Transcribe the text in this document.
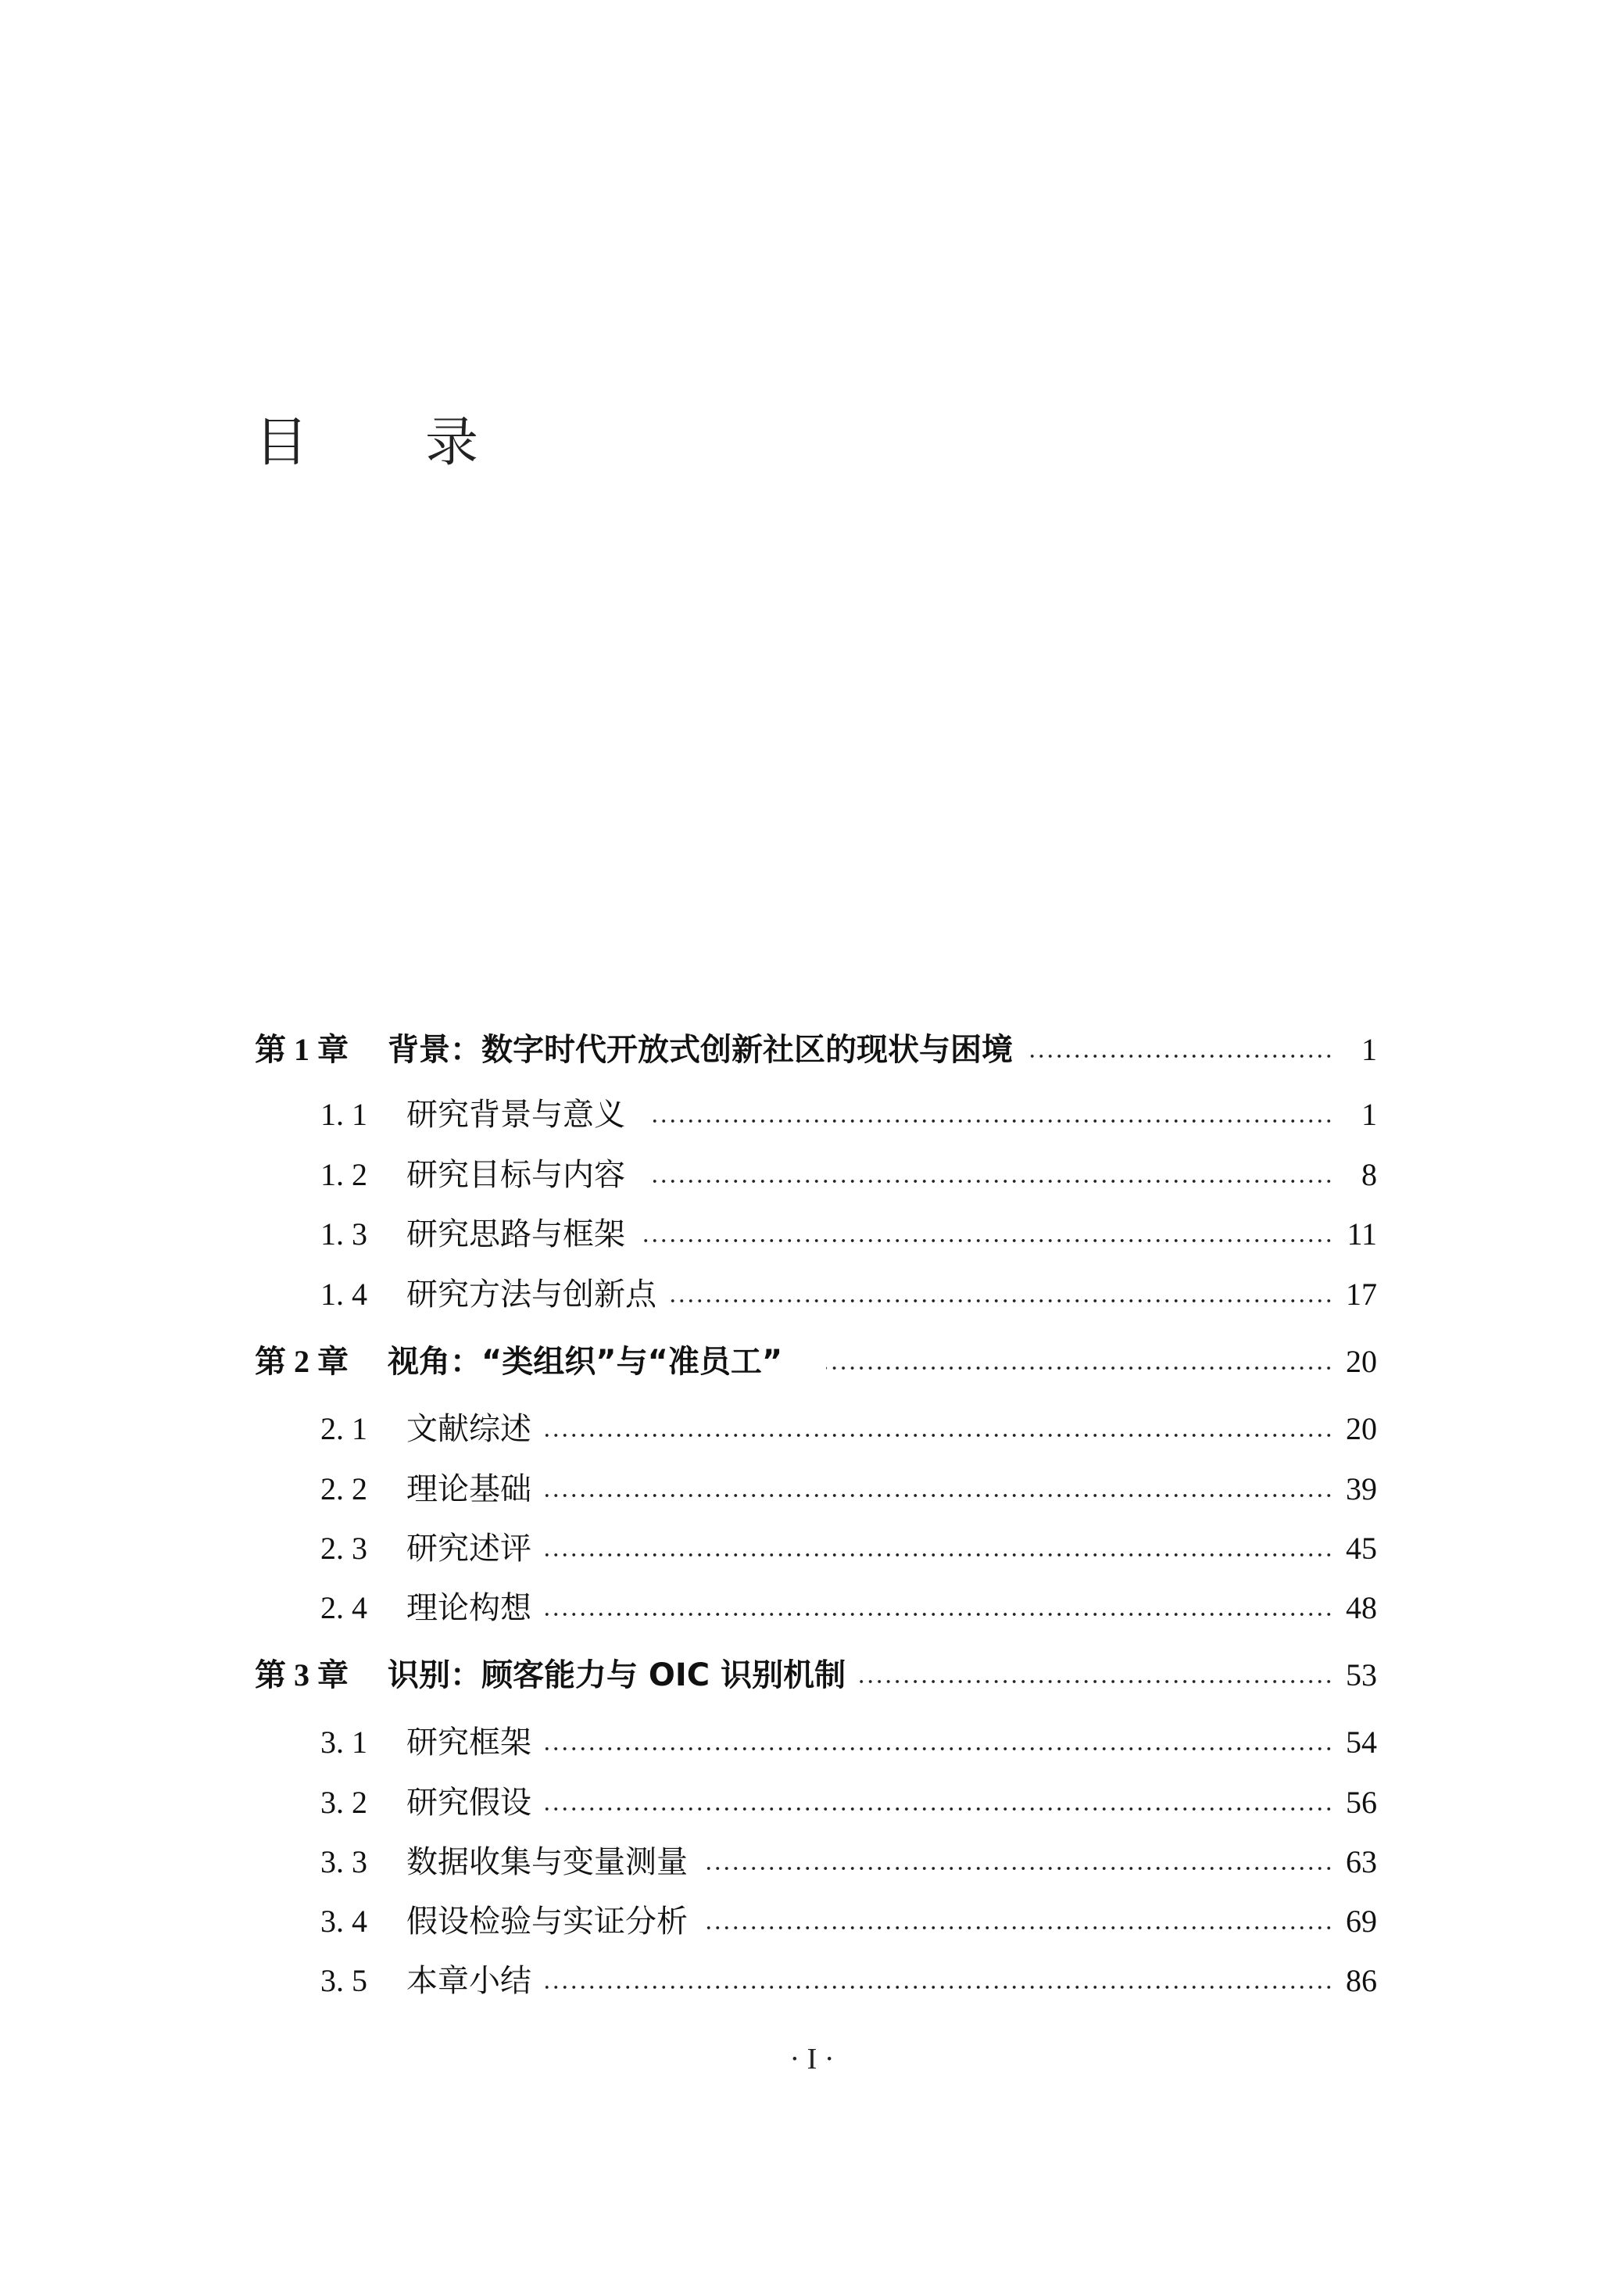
目	录
第 1 章	背景：数字时代开放式创新社区的现状与困境	1
1. 1	研究背景与意义	1
1. 2	研究目标与内容	8
1. 3	研究思路与框架	11
1. 4	研究方法与创新点	17
第 2 章	视角：“类组织”与“准员工”	20
2. 1	文献综述	20
2. 2	理论基础	39
2. 3	研究述评	45
2. 4	理论构想	48
第 3 章	识别：顾客能力与 OIC 识别机制	53
3. 1	研究框架	54
3. 2	研究假设	56
3. 3	数据收集与变量测量	63
3. 4	假设检验与实证分析	69
3. 5	本章小结	86
· I ·
